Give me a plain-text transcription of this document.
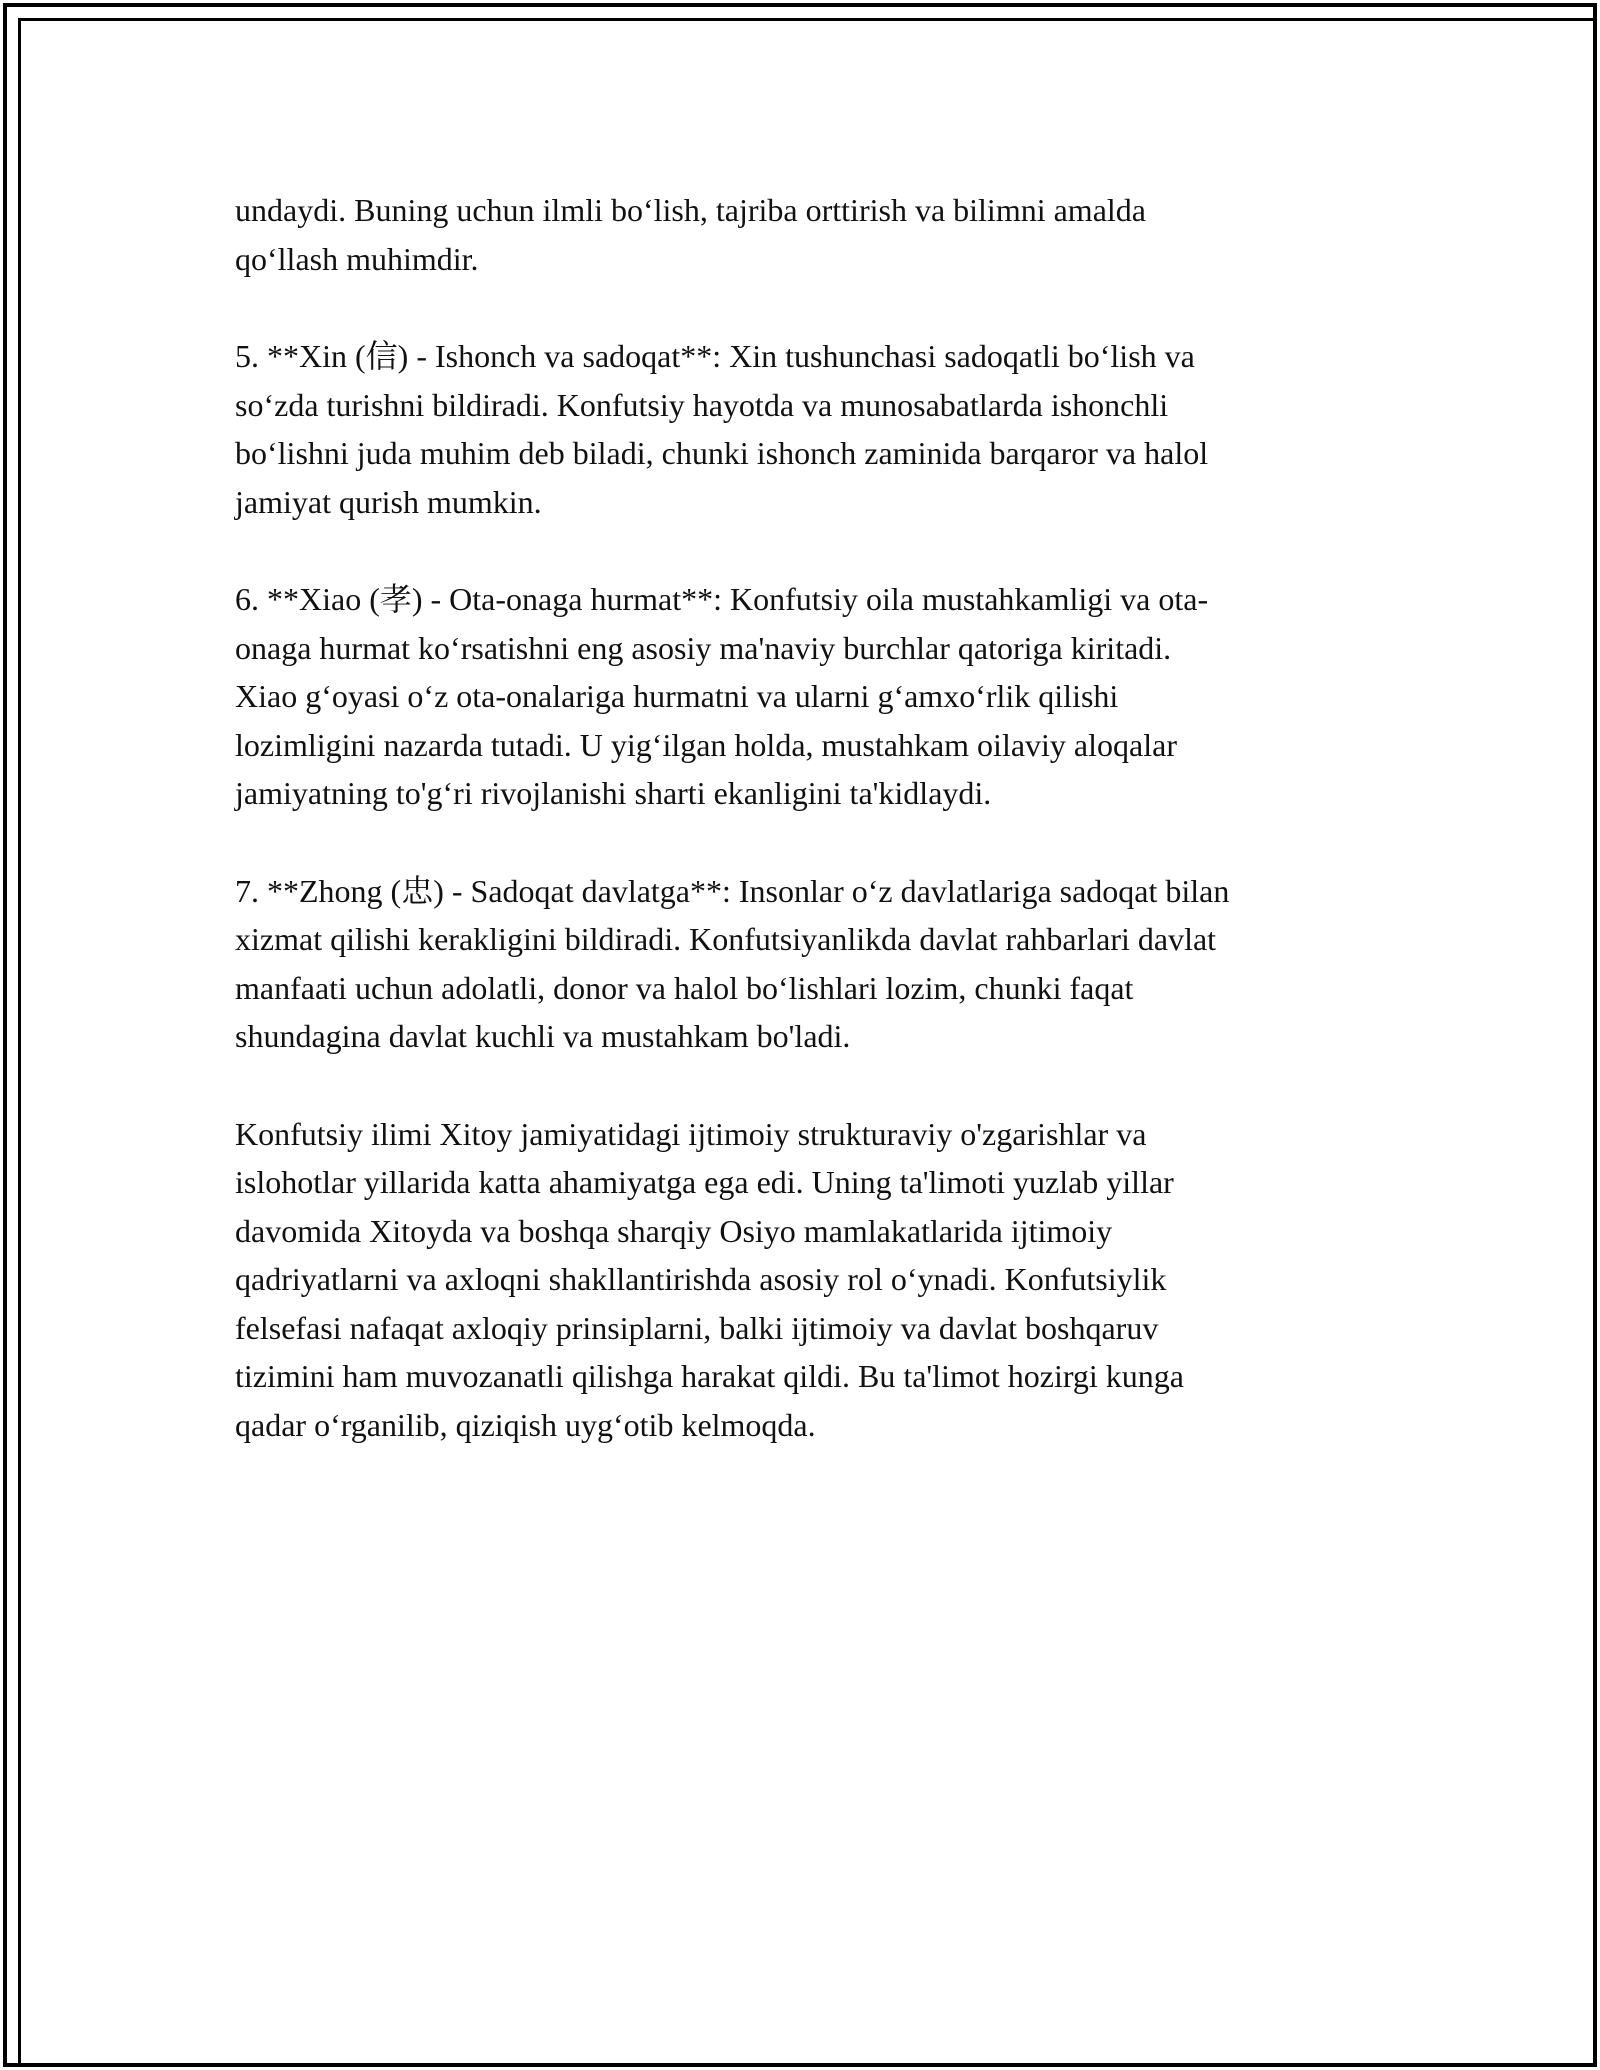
undaydi. Buning uchun ilmli bo‘lish, tajriba orttirish va bilimni amalda
qo‘llash muhimdir.

5. **Xin (信) - Ishonch va sadoqat**: Xin tushunchasi sadoqatli bo‘lish va
so‘zda turishni bildiradi. Konfutsiy hayotda va munosabatlarda ishonchli
bo‘lishni juda muhim deb biladi, chunki ishonch zaminida barqaror va halol
jamiyat qurish mumkin.

6. **Xiao (孝) - Ota-onaga hurmat**: Konfutsiy oila mustahkamligi va ota-
onaga hurmat ko‘rsatishni eng asosiy ma'naviy burchlar qatoriga kiritadi.
Xiao g‘oyasi o‘z ota-onalariga hurmatni va ularni g‘amxo‘rlik qilishi
lozimligini nazarda tutadi. U yig‘ilgan holda, mustahkam oilaviy aloqalar
jamiyatning to'g‘ri rivojlanishi sharti ekanligini ta'kidlaydi.

7. **Zhong (忠) - Sadoqat davlatga**: Insonlar o‘z davlatlariga sadoqat bilan
xizmat qilishi kerakligini bildiradi. Konfutsiyanlikda davlat rahbarlari davlat
manfaati uchun adolatli, donor va halol bo‘lishlari lozim, chunki faqat
shundagina davlat kuchli va mustahkam bo'ladi.

Konfutsiy ilimi Xitoy jamiyatidagi ijtimoiy strukturaviy o'zgarishlar va
islohotlar yillarida katta ahamiyatga ega edi. Uning ta'limoti yuzlab yillar
davomida Xitoyda va boshqa sharqiy Osiyo mamlakatlarida ijtimoiy
qadriyatlarni va axloqni shakllantirishda asosiy rol o‘ynadi. Konfutsiylik
felsefasi nafaqat axloqiy prinsiplarni, balki ijtimoiy va davlat boshqaruv
tizimini ham muvozanatli qilishga harakat qildi. Bu ta'limot hozirgi kunga
qadar o‘rganilib, qiziqish uyg‘otib kelmoqda.
